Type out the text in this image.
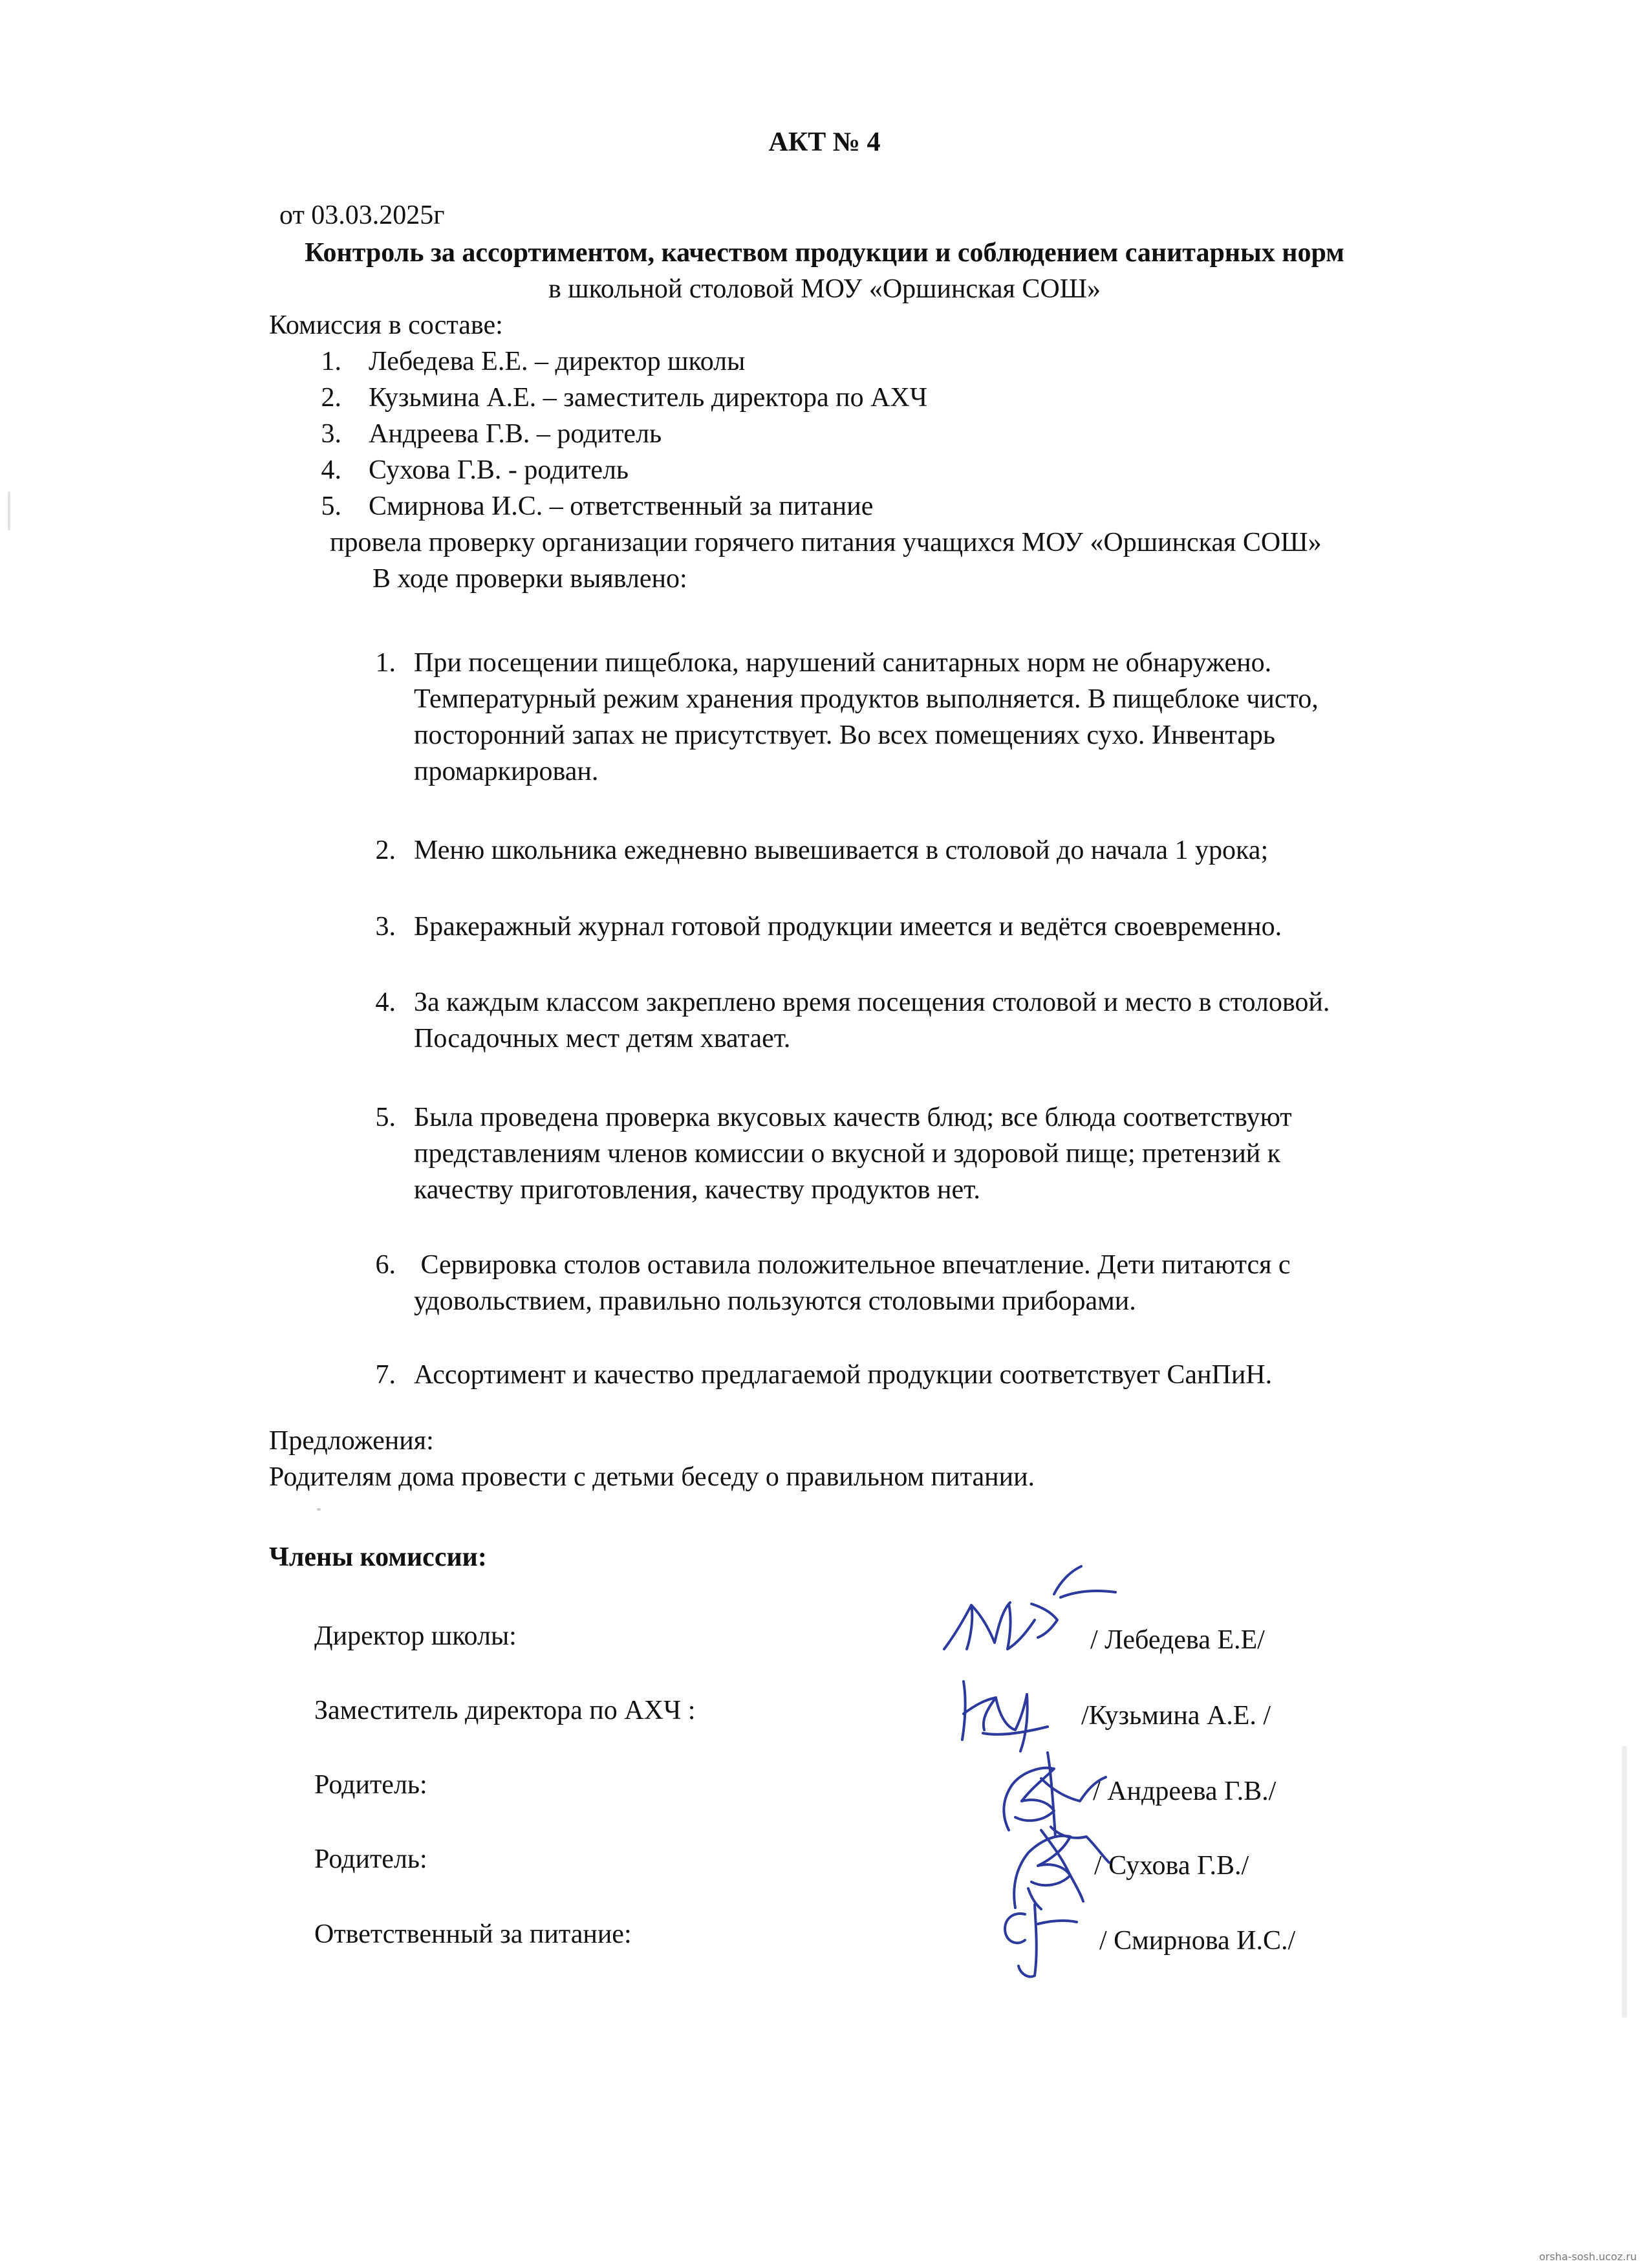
АКТ № 4
от 03.03.2025г
Контроль за ассортиментом, качеством продукции и соблюдением санитарных норм
в школьной столовой МОУ «Оршинская СОШ»
Комиссия в составе:
1. Лебедева Е.Е. – директор школы
2. Кузьмина А.Е. – заместитель директора по АХЧ
3. Андреева Г.В. – родитель
4. Сухова Г.В. - родитель
5. Смирнова И.С. – ответственный за питание
провела проверку организации горячего питания учащихся МОУ «Оршинская СОШ»
В ходе проверки выявлено:
1. При посещении пищеблока, нарушений санитарных норм не обнаружено.
Температурный режим хранения продуктов выполняется. В пищеблоке чисто,
посторонний запах не присутствует. Во всех помещениях сухо. Инвентарь
промаркирован.
2. Меню школьника ежедневно вывешивается в столовой до начала 1 урока;
3. Бракеражный журнал готовой продукции имеется и ведётся своевременно.
4. За каждым классом закреплено время посещения столовой и место в столовой.
Посадочных мест детям хватает.
5. Была проведена проверка вкусовых качеств блюд; все блюда соответствуют
представлениям членов комиссии о вкусной и здоровой пище; претензий к
качеству приготовления, качеству продуктов нет.
6. Сервировка столов оставила положительное впечатление. Дети питаются с
удовольствием, правильно пользуются столовыми приборами.
7. Ассортимент и качество предлагаемой продукции соответствует СанПиН.
Предложения:
Родителям дома провести с детьми беседу о правильном питании.
Члены комиссии:
Директор школы:	/ Лебедева Е.Е/
Заместитель директора по АХЧ :	/Кузьмина А.Е. /
Родитель:	/ Андреева Г.В./
Родитель:	/ Сухова Г.В./
Ответственный за питание:	/ Смирнова И.С./
orsha-sosh.ucoz.ru
